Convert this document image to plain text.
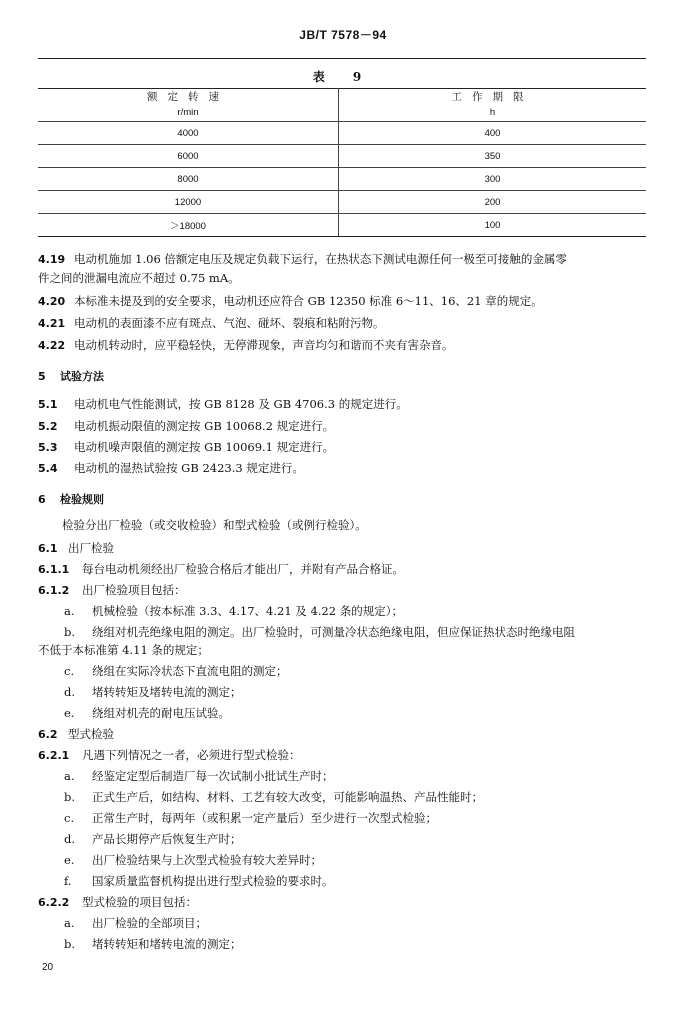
JB/T 7578－94
表 9
额定转速	工作期限
r/min	h
4000	400
6000	350
8000	300
12000	200
＞18000	100
4.19 电动机施加 1.06 倍额定电压及规定负载下运行，在热状态下测试电源任何一极至可接触的金属零
件之间的泄漏电流应不超过 0.75 mA。
4.20 本标准未提及到的安全要求，电动机还应符合 GB 12350 标准 6～11、16、21 章的规定。
4.21 电动机的表面漆不应有斑点、气泡、碰坏、裂痕和粘附污物。
4.22 电动机转动时，应平稳轻快，无停滞现象，声音均匀和谐而不夹有害杂音。
5 试验方法
5.1 电动机电气性能测试，按 GB 8128 及 GB 4706.3 的规定进行。
5.2 电动机振动限值的测定按 GB 10068.2 规定进行。
5.3 电动机噪声限值的测定按 GB 10069.1 规定进行。
5.4 电动机的湿热试验按 GB 2423.3 规定进行。
6 检验规则
检验分出厂检验（或交收检验）和型式检验（或例行检验）。
6.1 出厂检验
6.1.1 每台电动机须经出厂检验合格后才能出厂，并附有产品合格证。
6.1.2 出厂检验项目包括：
a. 机械检验（按本标准 3.3、4.17、4.21 及 4.22 条的规定）；
b. 绕组对机壳绝缘电阻的测定。出厂检验时，可测量冷状态绝缘电阻，但应保证热状态时绝缘电阻
不低于本标准第 4.11 条的规定；
c. 绕组在实际冷状态下直流电阻的测定；
d. 堵转转矩及堵转电流的测定；
e. 绕组对机壳的耐电压试验。
6.2 型式检验
6.2.1 凡遇下列情况之一者，必须进行型式检验：
a. 经鉴定定型后制造厂每一次试制小批试生产时；
b. 正式生产后，如结构、材料、工艺有较大改变，可能影响温热、产品性能时；
c. 正常生产时，每两年（或积累一定产量后）至少进行一次型式检验；
d. 产品长期停产后恢复生产时；
e. 出厂检验结果与上次型式检验有较大差异时；
f. 国家质量监督机构提出进行型式检验的要求时。
6.2.2 型式检验的项目包括：
a. 出厂检验的全部项目；
b. 堵转转矩和堵转电流的测定；
20
